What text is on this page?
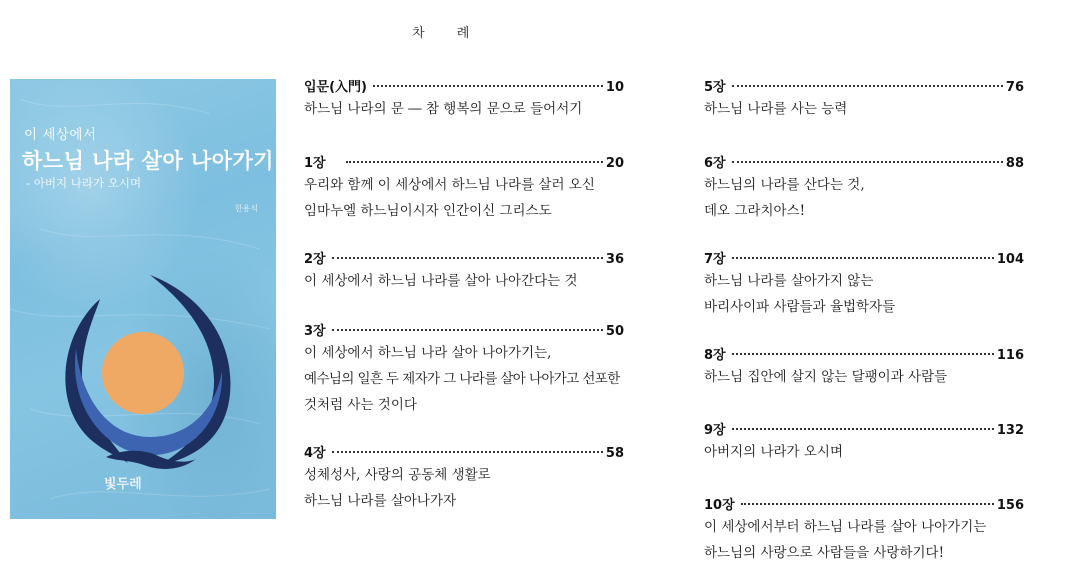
차 례
이 세상에서
하느님 나라 살아 나아가기
- 아버지 나라가 오시며
한용석
빛두레
입문(入門)	10
하느님 나라의 문 ― 참 행복의 문으로 들어서기
1장	20
우리와 함께 이 세상에서 하느님 나라를 살러 오신
임마누엘 하느님이시자 인간이신 그리스도
2장	36
이 세상에서 하느님 나라를 살아 나아간다는 것
3장	50
이 세상에서 하느님 나라 살아 나아가기는,
예수님의 일흔 두 제자가 그 나라를 살아 나아가고 선포한
것처럼 사는 것이다
4장	58
성체성사, 사랑의 공동체 생활로
하느님 나라를 살아나가자
5장	76
하느님 나라를 사는 능력
6장	88
하느님의 나라를 산다는 것,
데오 그라치아스!
7장	104
하느님 나라를 살아가지 않는
바리사이파 사람들과 율법학자들
8장	116
하느님 집안에 살지 않는 달팽이과 사람들
9장	132
아버지의 나라가 오시며
10장	156
이 세상에서부터 하느님 나라를 살아 나아가기는
하느님의 사랑으로 사람들을 사랑하기다!
